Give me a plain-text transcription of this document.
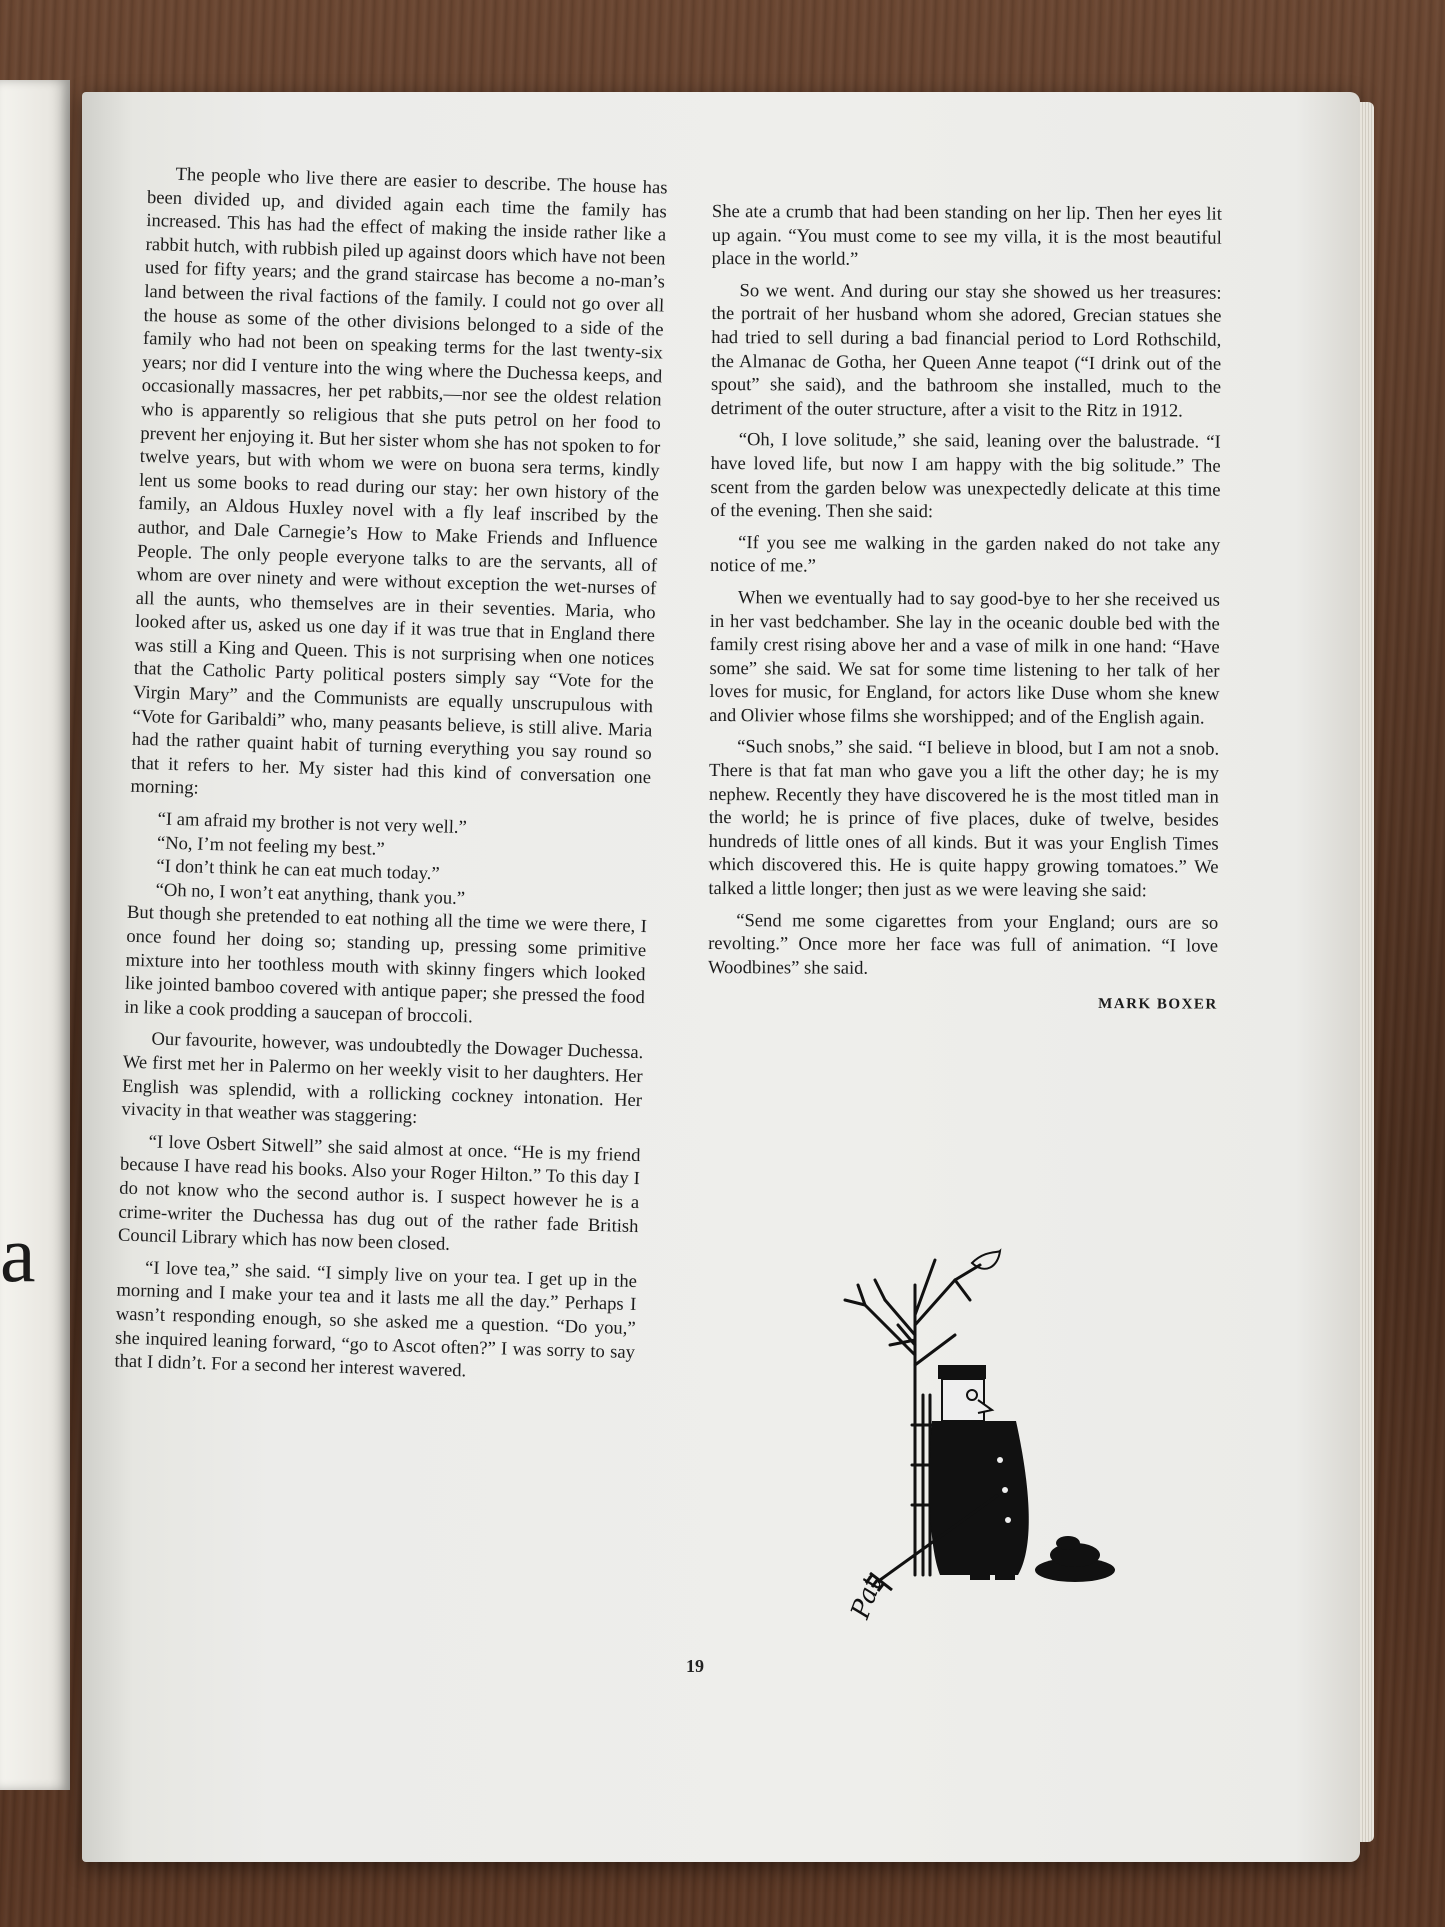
a

The people who live there are easier to describe. The house has been divided up, and divided again each time the family has increased. This has had the effect of making the inside rather like a rabbit hutch, with rubbish piled up against doors which have not been used for fifty years; and the grand staircase has become a no-man’s land between the rival factions of the family. I could not go over all the house as some of the other divisions belonged to a side of the family who had not been on speaking terms for the last twenty-six years; nor did I venture into the wing where the Duchessa keeps, and occasionally massacres, her pet rabbits,—nor see the oldest relation who is apparently so religious that she puts petrol on her food to prevent her enjoying it. But her sister whom she has not spoken to for twelve years, but with whom we were on buona sera terms, kindly lent us some books to read during our stay: her own history of the family, an Aldous Huxley novel with a fly leaf inscribed by the author, and Dale Carnegie’s How to Make Friends and Influence People. The only people everyone talks to are the servants, all of whom are over ninety and were without exception the wet-nurses of all the aunts, who themselves are in their seventies. Maria, who looked after us, asked us one day if it was true that in England there was still a King and Queen. This is not surprising when one notices that the Catholic Party political posters simply say “Vote for the Virgin Mary” and the Communists are equally unscrupulous with “Vote for Garibaldi” who, many peasants believe, is still alive. Maria had the rather quaint habit of turning everything you say round so that it refers to her. My sister had this kind of conversation one morning:

“I am afraid my brother is not very well.”

“No, I’m not feeling my best.”

“I don’t think he can eat much today.”

“Oh no, I won’t eat anything, thank you.”

But though she pretended to eat nothing all the time we were there, I once found her doing so; standing up, pressing some primitive mixture into her toothless mouth with skinny fingers which looked like jointed bamboo covered with antique paper; she pressed the food in like a cook prodding a saucepan of broccoli.

Our favourite, however, was undoubtedly the Dowager Duchessa. We first met her in Palermo on her weekly visit to her daughters. Her English was splendid, with a rollicking cockney intonation. Her vivacity in that weather was staggering:

“I love Osbert Sitwell” she said almost at once. “He is my friend because I have read his books. Also your Roger Hilton.” To this day I do not know who the second author is. I suspect however he is a crime-writer the Duchessa has dug out of the rather fade British Council Library which has now been closed.

“I love tea,” she said. “I simply live on your tea. I get up in the morning and I make your tea and it lasts me all the day.” Perhaps I wasn’t responding enough, so she asked me a question. “Do you,” she inquired leaning forward, “go to Ascot often?” I was sorry to say that I didn’t. For a second her interest wavered.

She ate a crumb that had been standing on her lip. Then her eyes lit up again. “You must come to see my villa, it is the most beautiful place in the world.”

So we went. And during our stay she showed us her treasures: the portrait of her husband whom she adored, Grecian statues she had tried to sell during a bad financial period to Lord Rothschild, the Almanac de Gotha, her Queen Anne teapot (“I drink out of the spout” she said), and the bathroom she installed, much to the detriment of the outer structure, after a visit to the Ritz in 1912.

“Oh, I love solitude,” she said, leaning over the balustrade. “I have loved life, but now I am happy with the big solitude.” The scent from the garden below was unexpectedly delicate at this time of the evening. Then she said:

“If you see me walking in the garden naked do not take any notice of me.”

When we eventually had to say good-bye to her she received us in her vast bedchamber. She lay in the oceanic double bed with the family crest rising above her and a vase of milk in one hand: “Have some” she said. We sat for some time listening to her talk of her loves for music, for England, for actors like Duse whom she knew and Olivier whose films she worshipped; and of the English again.

“Such snobs,” she said. “I believe in blood, but I am not a snob. There is that fat man who gave you a lift the other day; he is my nephew. Recently they have discovered he is the most titled man in the world; he is prince of five places, duke of twelve, besides hundreds of little ones of all kinds. But it was your English Times which discovered this. He is quite happy growing tomatoes.” We talked a little longer; then just as we were leaving she said:

“Send me some cigarettes from your England; ours are so revolting.” Once more her face was full of animation. “I love Woodbines” she said.

MARK BOXER
Pat
19
